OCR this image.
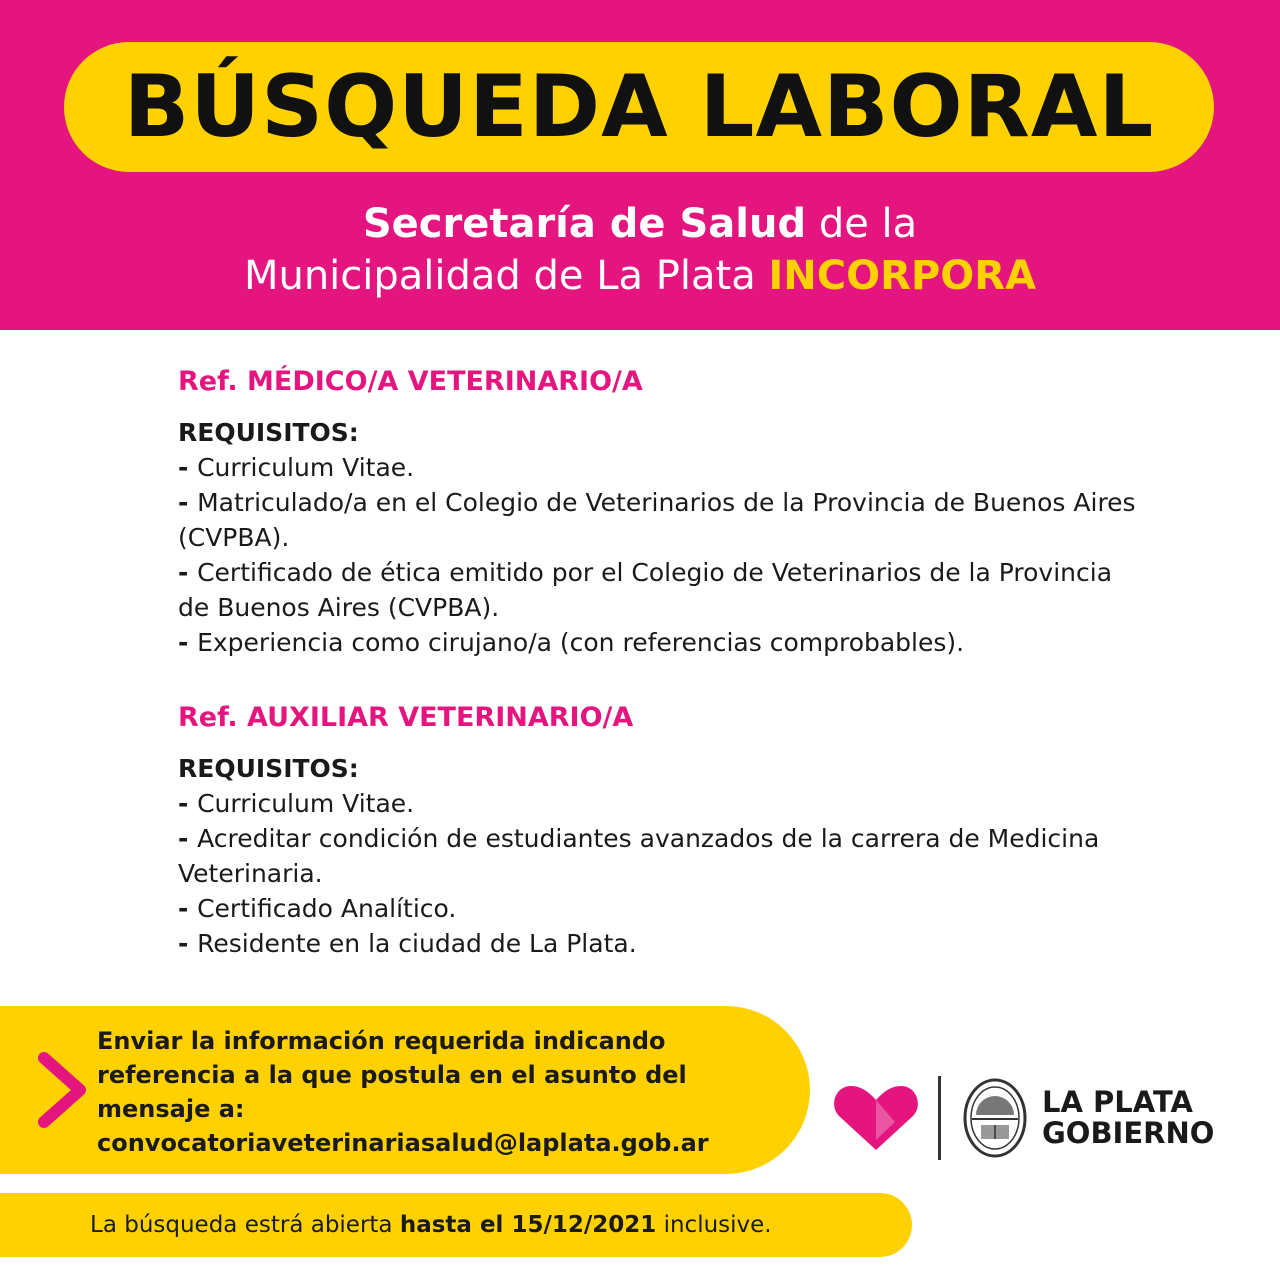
BÚSQUEDA LABORAL
Secretaría de Salud de la
Municipalidad de La Plata INCORPORA
Ref. MÉDICO/A VETERINARIO/A
REQUISITOS:
- Curriculum Vitae.
- Matriculado/a en el Colegio de Veterinarios de la Provincia de Buenos Aires (CVPBA).
- Certificado de ética emitido por el Colegio de Veterinarios de la Provincia de Buenos Aires (CVPBA).
- Experiencia como cirujano/a (con referencias comprobables).
Ref. AUXILIAR VETERINARIO/A
REQUISITOS:
- Curriculum Vitae.
- Acreditar condición de estudiantes avanzados de la carrera de Medicina Veterinaria.
- Certificado Analítico.
- Residente en la ciudad de La Plata.
Enviar la información requerida indicando referencia a la que postula en el asunto del mensaje a:
convocatoriaveterinariasalud@laplata.gob.ar
La búsqueda estrá abierta
hasta el 15/12/2021
inclusive.
LA PLATA
GOBIERNO
